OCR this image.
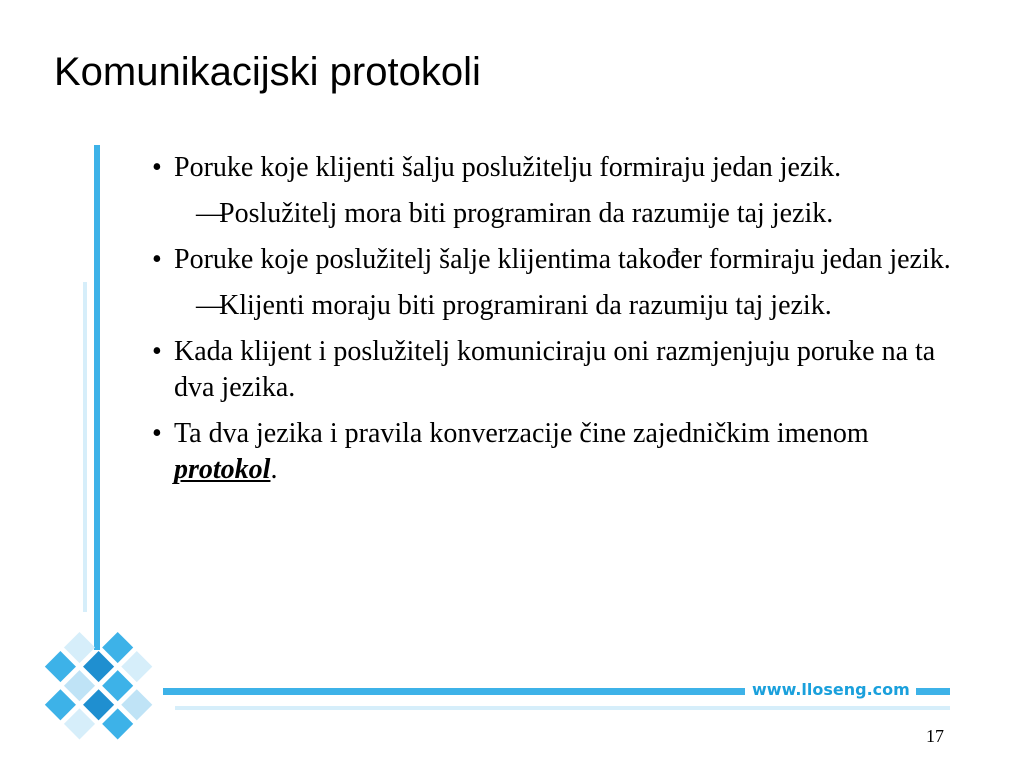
Komunikacijski protokoli
www.lloseng.com
• Poruke koje klijenti šalju poslužitelju formiraju jedan jezik.
—
Poslužitelj mora biti programiran da razumije taj jezik.
• Poruke koje poslužitelj šalje klijentima također formiraju jedan jezik.
—
Klijenti moraju biti programirani da razumiju taj jezik.
• Kada klijent i poslužitelj komuniciraju oni razmjenjuju poruke na ta dva jezika.
• Ta dva jezika i pravila konverzacije čine zajedničkim imenom protokol.
17
